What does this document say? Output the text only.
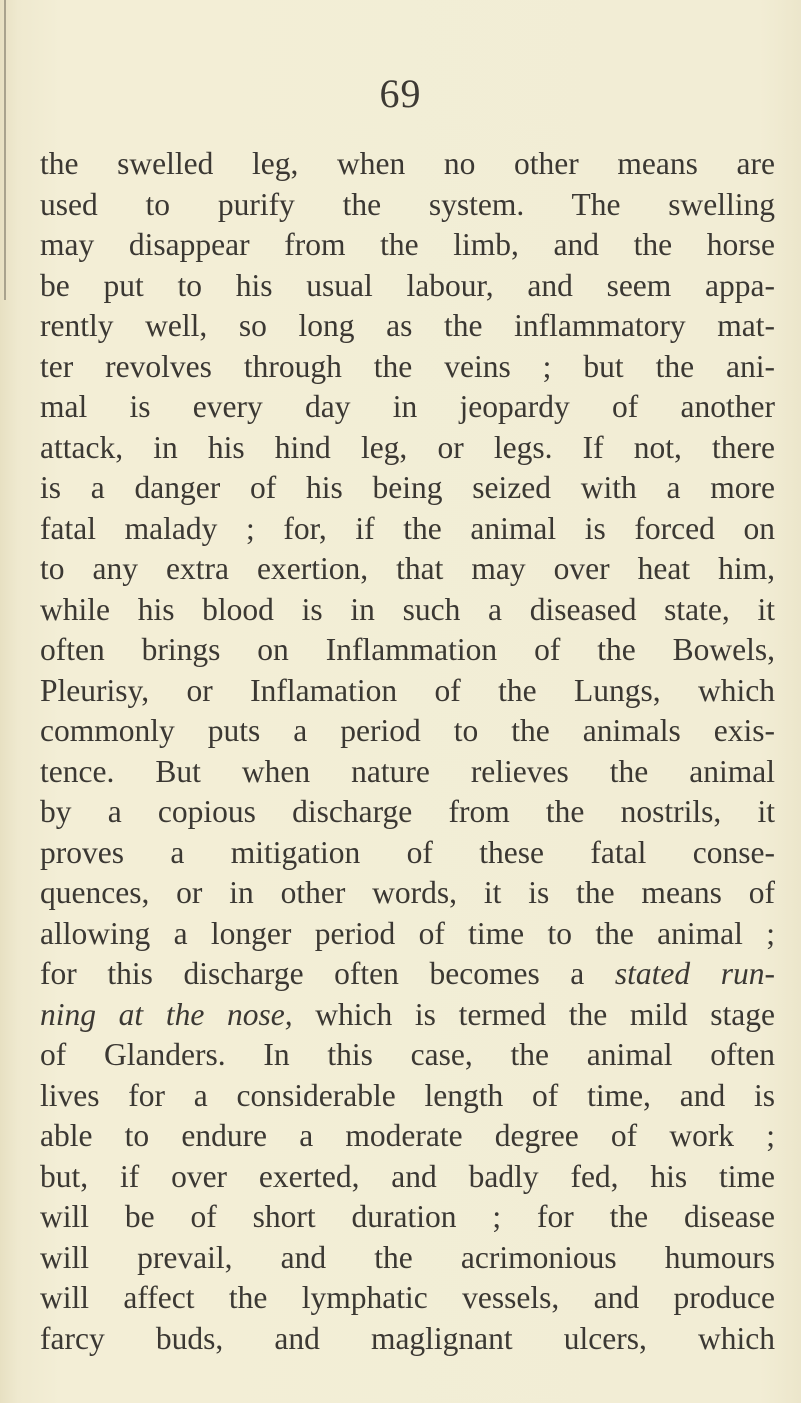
69
the swelled leg, when no other means are
used to purify the system. The swelling
may disappear from the limb, and the horse
be put to his usual labour, and seem appa-
rently well, so long as the inflammatory mat-
ter revolves through the veins ; but the ani-
mal is every day in jeopardy of another
attack, in his hind leg, or legs. If not, there
is a danger of his being seized with a more
fatal malady ; for, if the animal is forced on
to any extra exertion, that may over heat him,
while his blood is in such a diseased state, it
often brings on Inflammation of the Bowels,
Pleurisy, or Inflamation of the Lungs, which
commonly puts a period to the animals exis-
tence. But when nature relieves the animal
by a copious discharge from the nostrils, it
proves a mitigation of these fatal conse-
quences, or in other words, it is the means of
allowing a longer period of time to the animal ;
for this discharge often becomes a stated run-
ning at the nose, which is termed the mild stage
of Glanders. In this case, the animal often
lives for a considerable length of time, and is
able to endure a moderate degree of work ;
but, if over exerted, and badly fed, his time
will be of short duration ; for the disease
will prevail, and the acrimonious humours
will affect the lymphatic vessels, and produce
farcy buds, and maglignant ulcers, which
